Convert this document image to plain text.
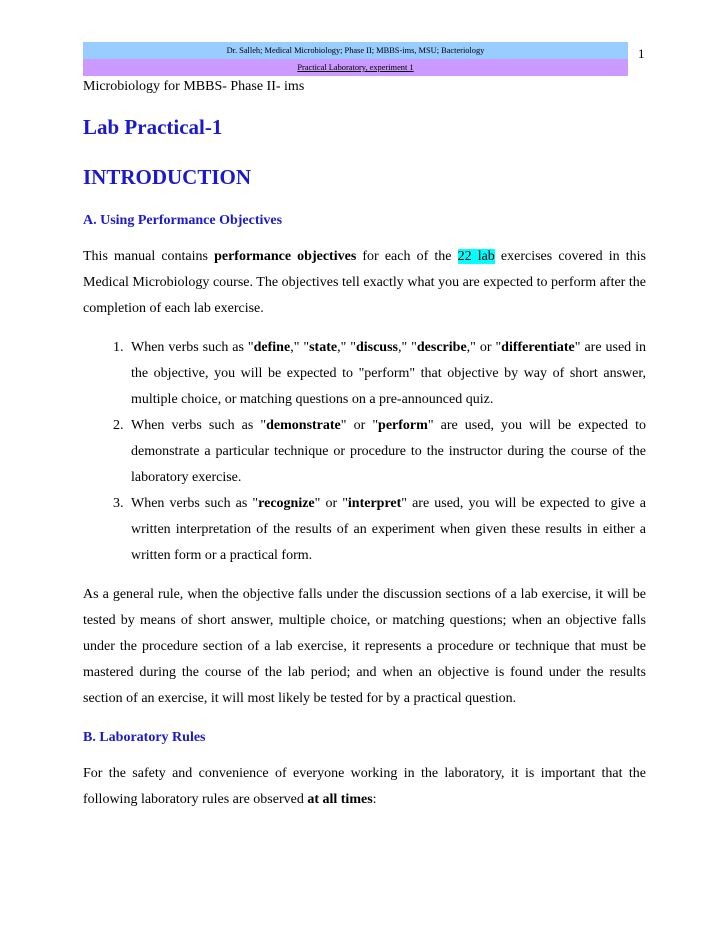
Dr. Salleh; Medical Microbiology; Phase II; MBBS-ims, MSU; Bacteriology
Practical Laboratory, experiment 1
1

Microbiology for MBBS- Phase II- ims

Lab Practical-1
INTRODUCTION
A. Using Performance Objectives

This manual contains performance objectives for each of the 22 lab exercises covered in this Medical Microbiology course. The objectives tell exactly what you are expected to perform after the completion of each lab exercise.

1. When verbs such as "define," "state," "discuss," "describe," or "differentiate" are used in the objective, you will be expected to "perform" that objective by way of short answer, multiple choice, or matching questions on a pre-announced quiz.
2. When verbs such as "demonstrate" or "perform" are used, you will be expected to demonstrate a particular technique or procedure to the instructor during the course of the laboratory exercise.
3. When verbs such as "recognize" or "interpret" are used, you will be expected to give a written interpretation of the results of an experiment when given these results in either a written form or a practical form.

As a general rule, when the objective falls under the discussion sections of a lab exercise, it will be tested by means of short answer, multiple choice, or matching questions; when an objective falls under the procedure section of a lab exercise, it represents a procedure or technique that must be mastered during the course of the lab period; and when an objective is found under the results section of an exercise, it will most likely be tested for by a practical question.

B. Laboratory Rules

For the safety and convenience of everyone working in the laboratory, it is important that the following laboratory rules are observed at all times:
